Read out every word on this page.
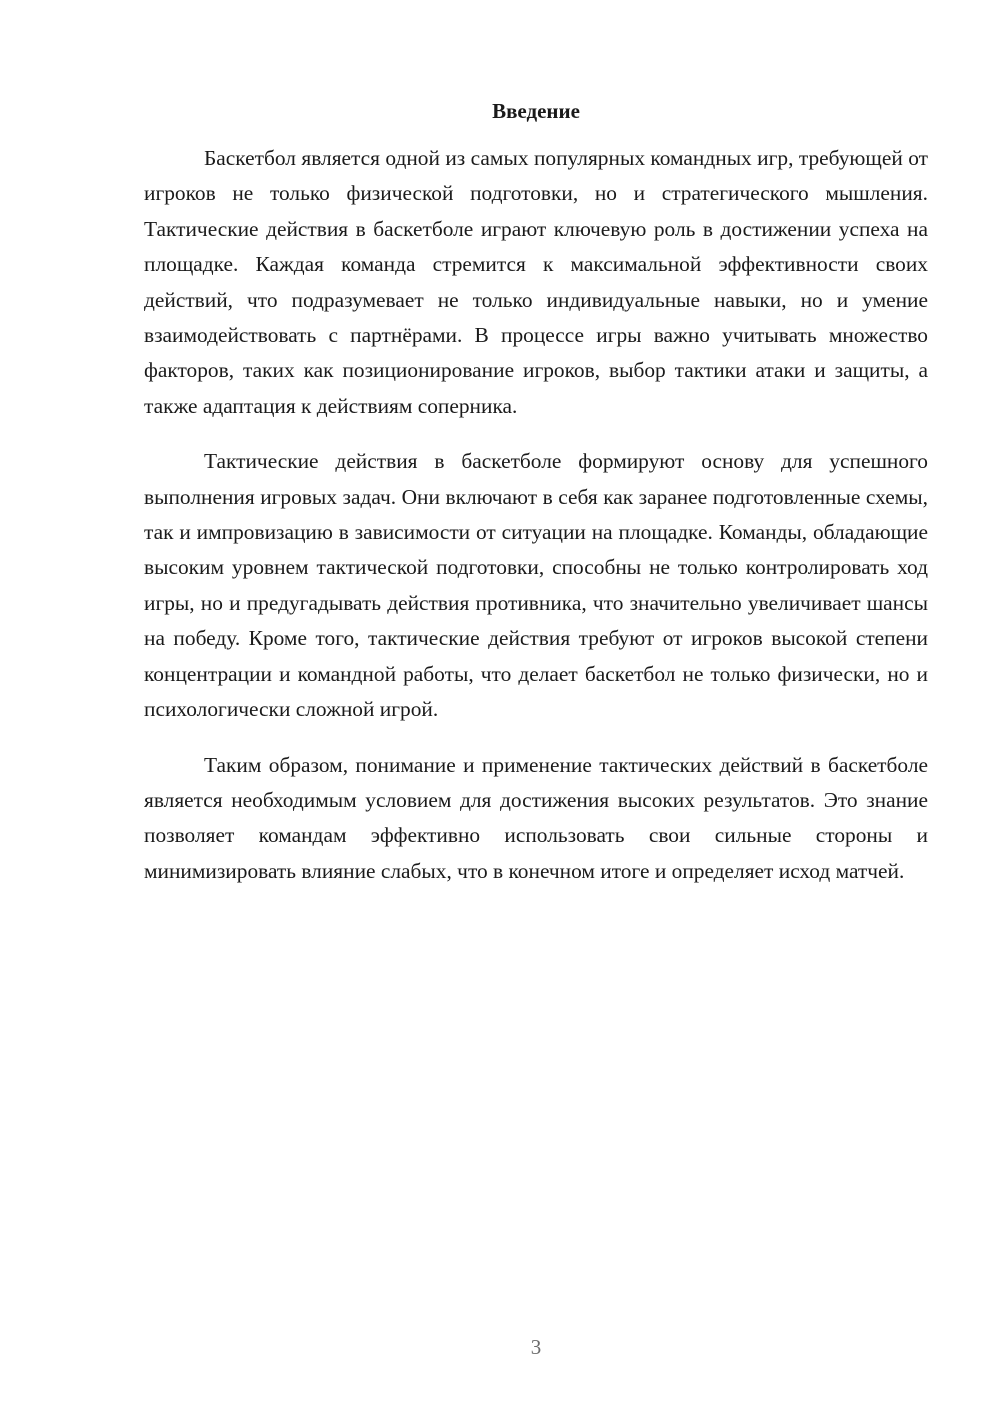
Введение

Баскетбол является одной из самых популярных командных игр, требующей от игроков не только физической подготовки, но и стратегического мышления. Тактические действия в баскетболе играют ключевую роль в достижении успеха на площадке. Каждая команда стремится к максимальной эффективности своих действий, что подразумевает не только индивидуальные навыки, но и умение взаимодействовать с партнёрами. В процессе игры важно учитывать множество факторов, таких как позиционирование игроков, выбор тактики атаки и защиты, а также адаптация к действиям соперника.

Тактические действия в баскетболе формируют основу для успешного выполнения игровых задач. Они включают в себя как заранее подготовленные схемы, так и импровизацию в зависимости от ситуации на площадке. Команды, обладающие высоким уровнем тактической подготовки, способны не только контролировать ход игры, но и предугадывать действия противника, что значительно увеличивает шансы на победу. Кроме того, тактические действия требуют от игроков высокой степени концентрации и командной работы, что делает баскетбол не только физически, но и психологически сложной игрой.

Таким образом, понимание и применение тактических действий в баскетболе является необходимым условием для достижения высоких результатов. Это знание позволяет командам эффективно использовать свои сильные стороны и минимизировать влияние слабых, что в конечном итоге и определяет исход матчей.

3
